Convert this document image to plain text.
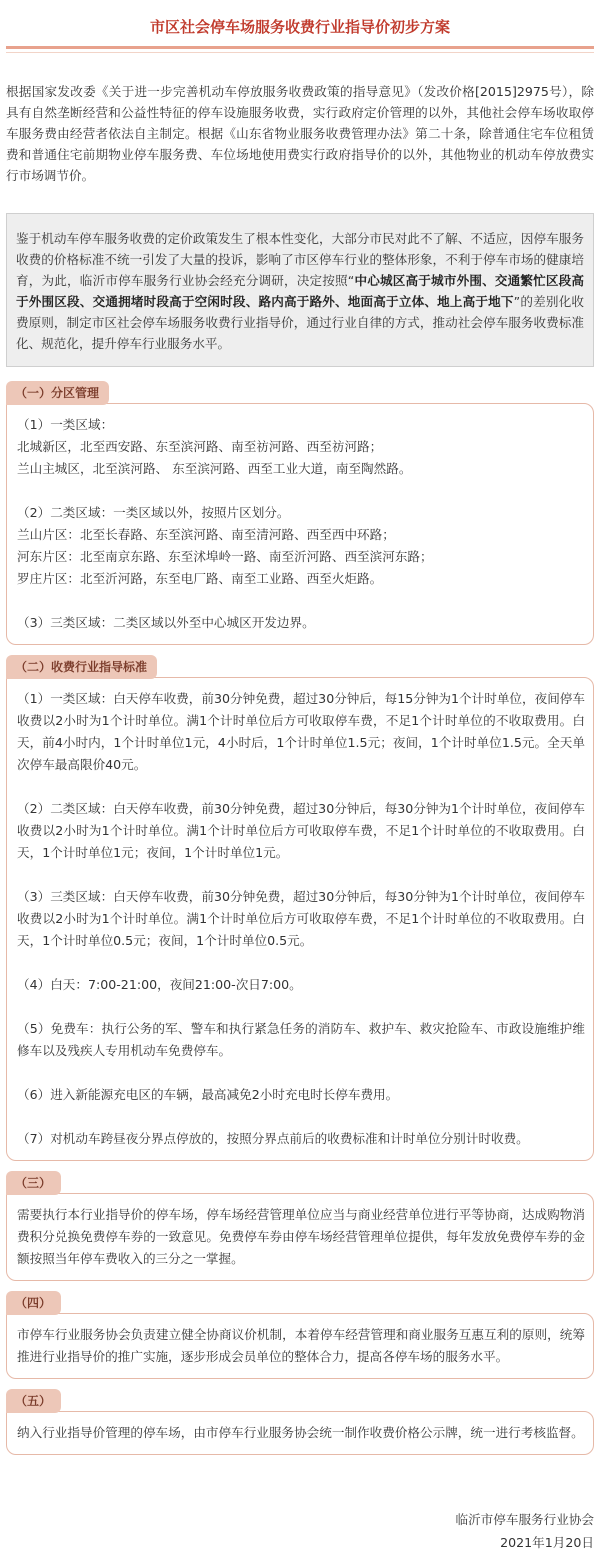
市区社会停车场服务收费行业指导价初步方案

根据国家发改委《关于进一步完善机动车停放服务收费政策的指导意见》（发改价格[2015]2975号），除具有自然垄断经营和公益性特征的停车设施服务收费，实行政府定价管理的以外，其他社会停车场收取停车服务费由经营者依法自主制定。根据《山东省物业服务收费管理办法》第二十条，除普通住宅车位租赁费和普通住宅前期物业停车服务费、车位场地使用费实行政府指导价的以外，其他物业的机动车停放费实行市场调节价。

鉴于机动车停车服务收费的定价政策发生了根本性变化，大部分市民对此不了解、不适应，因停车服务收费的价格标准不统一引发了大量的投诉，影响了市区停车行业的整体形象，不利于停车市场的健康培育，为此，临沂市停车服务行业协会经充分调研，决定按照“中心城区高于城市外围、交通繁忙区段高于外围区段、交通拥堵时段高于空闲时段、路内高于路外、地面高于立体、地上高于地下”的差别化收费原则，制定市区社会停车场服务收费行业指导价，通过行业自律的方式，推动社会停车服务收费标准化、规范化，提升停车行业服务水平。
（一）分区管理

（1）一类区域：

北城新区，北至西安路、东至滨河路、南至祊河路、西至祊河路；

兰山主城区，北至滨河路、 东至滨河路、西至工业大道，南至陶然路。

（2）二类区域：一类区域以外，按照片区划分。

兰山片区：北至长春路、东至滨河路、南至清河路、西至西中环路；

河东片区：北至南京东路、东至沭埠岭一路、南至沂河路、西至滨河东路；

罗庄片区：北至沂河路，东至电厂路、南至工业路、西至火炬路。

（3）三类区域：二类区域以外至中心城区开发边界。

（二）收费行业指导标准

（1）一类区域：白天停车收费，前30分钟免费，超过30分钟后，每15分钟为1个计时单位，夜间停车收费以2小时为1个计时单位。满1个计时单位后方可收取停车费，不足1个计时单位的不收取费用。白天，前4小时内，1个计时单位1元，4小时后，1个计时单位1.5元；夜间，1个计时单位1.5元。全天单次停车最高限价40元。

（2）二类区域：白天停车收费，前30分钟免费，超过30分钟后，每30分钟为1个计时单位，夜间停车收费以2小时为1个计时单位。满1个计时单位后方可收取停车费，不足1个计时单位的不收取费用。白天，1个计时单位1元；夜间，1个计时单位1元。

（3）三类区域：白天停车收费，前30分钟免费，超过30分钟后，每30分钟为1个计时单位，夜间停车收费以2小时为1个计时单位。满1个计时单位后方可收取停车费，不足1个计时单位的不收取费用。白天，1个计时单位0.5元；夜间，1个计时单位0.5元。

（4）白天：7:00-21:00，夜间21:00-次日7:00。

（5）免费车：执行公务的军、警车和执行紧急任务的消防车、救护车、救灾抢险车、市政设施维护维修车以及残疾人专用机动车免费停车。

（6）进入新能源充电区的车辆，最高减免2小时充电时长停车费用。

（7）对机动车跨昼夜分界点停放的，按照分界点前后的收费标准和计时单位分别计时收费。

（三）

需要执行本行业指导价的停车场，停车场经营管理单位应当与商业经营单位进行平等协商，达成购物消费积分兑换免费停车券的一致意见。免费停车券由停车场经营管理单位提供，每年发放免费停车券的金额按照当年停车费收入的三分之一掌握。

（四）

市停车行业服务协会负责建立健全协商议价机制，本着停车经营管理和商业服务互惠互利的原则，统筹推进行业指导价的推广实施，逐步形成会员单位的整体合力，提高各停车场的服务水平。

（五）

纳入行业指导价管理的停车场，由市停车行业服务协会统一制作收费价格公示牌，统一进行考核监督。

临沂市停车服务行业协会
2021年1月20日
